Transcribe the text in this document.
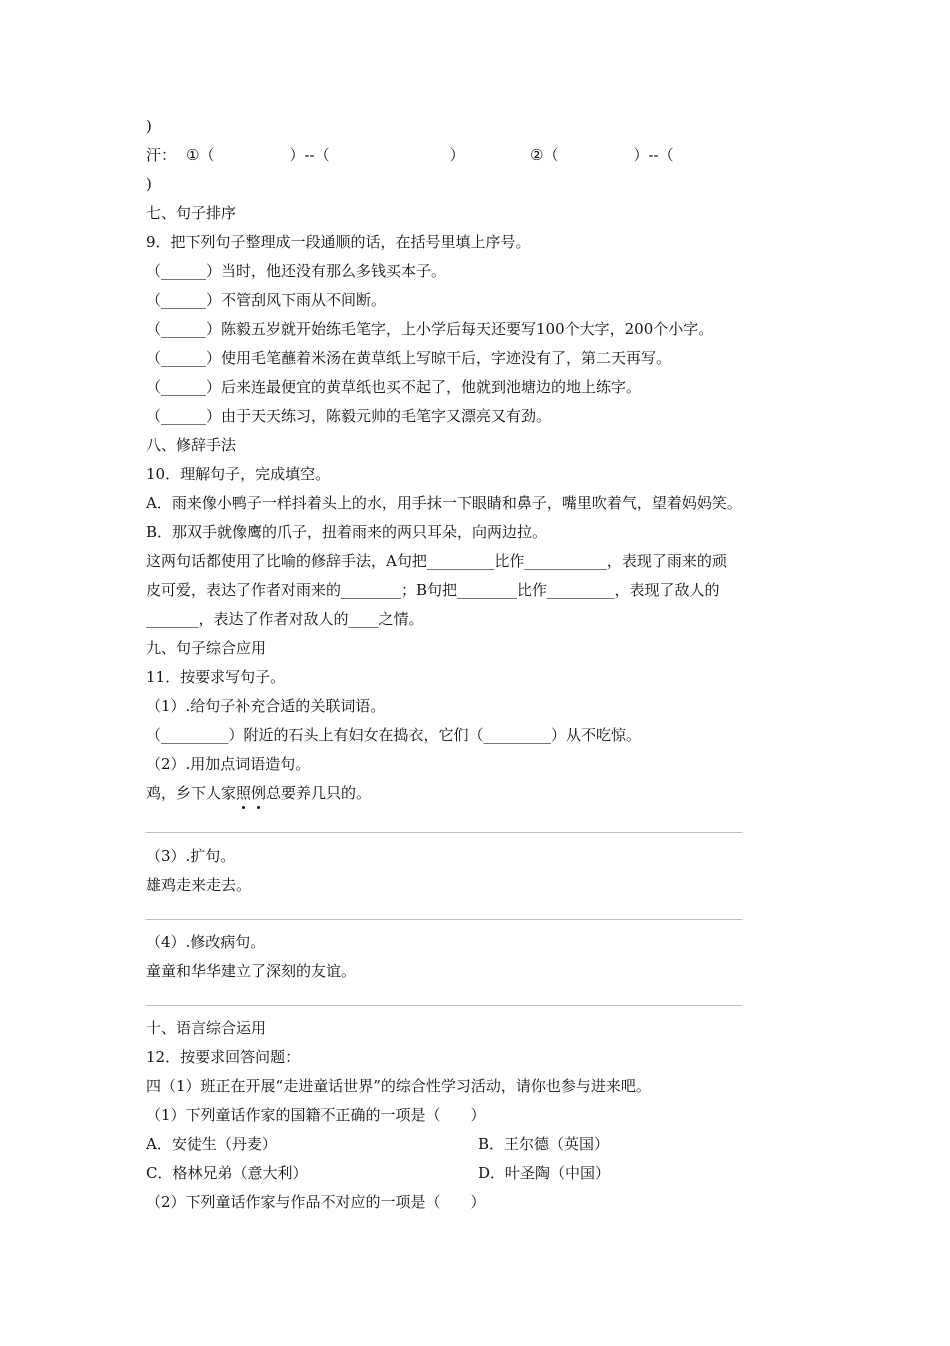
)
汗： ①（　　　　　）--（　　　　　　　　）	②（　　　　　）--（
)
七、句子排序
9．把下列句子整理成一段通顺的话，在括号里填上序号。
（______）当时，他还没有那么多钱买本子。
（______）不管刮风下雨从不间断。
（______）陈毅五岁就开始练毛笔字，上小学后每天还要写100个大字，200个小字。
（______）使用毛笔蘸着米汤在黄草纸上写晾干后，字迹没有了，第二天再写。
（______）后来连最便宜的黄草纸也买不起了，他就到池塘边的地上练字。
（______）由于天天练习，陈毅元帅的毛笔字又漂亮又有劲。
八、修辞手法
10．理解句子，完成填空。
A．雨来像小鸭子一样抖着头上的水，用手抹一下眼睛和鼻子，嘴里吹着气，望着妈妈笑。
B．那双手就像鹰的爪子，扭着雨来的两只耳朵，向两边拉。
这两句话都使用了比喻的修辞手法，A句把_________比作___________，表现了雨来的顽
皮可爱，表达了作者对雨来的________；B句把________比作_________，表现了敌人的
_______，表达了作者对敌人的____之情。
九、句子综合应用
11．按要求写句子。
（1）.给句子补充合适的关联词语。
（_________）附近的石头上有妇女在捣衣，它们（_________）从不吃惊。
（2）.用加点词语造句。
鸡，乡下人家照例总要养几只的。
（3）.扩句。
雄鸡走来走去。
（4）.修改病句。
童童和华华建立了深刻的友谊。
十、语言综合运用
12．按要求回答问题：
四（1）班正在开展“走进童话世界”的综合性学习活动，请你也参与进来吧。
（1）下列童话作家的国籍不正确的一项是（　　）
A．安徒生（丹麦）	B．王尔德（英国）
C．格林兄弟（意大利）	D．叶圣陶（中国）
（2）下列童话作家与作品不对应的一项是（　　）
